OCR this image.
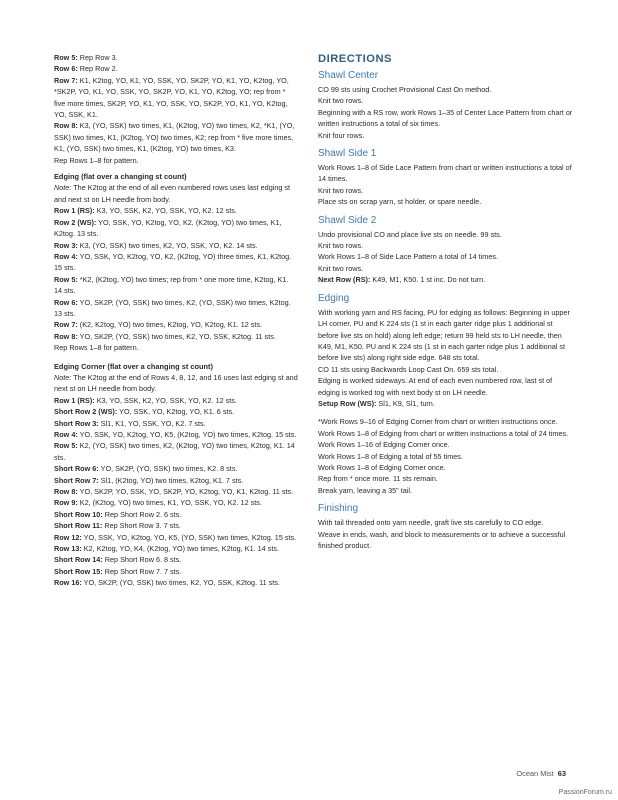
Row 5: Rep Row 3.

Row 6: Rep Row 2.

Row 7: K1, K2tog, YO, K1, YO, SSK, YO, SK2P, YO, K1, YO, K2tog, YO, *SK2P, YO, K1, YO, SSK, YO, SK2P, YO, K1, YO, K2tog, YO; rep from * five more times, SK2P, YO, K1, YO, SSK, YO, SK2P, YO, K1, YO, K2tog, YO, SSK, K1.

Row 8: K3, (YO, SSK) two times, K1, (K2tog, YO) two times, K2, *K1, (YO, SSK) two times, K1, (K2tog, YO) two times, K2; rep from * five more times, K1, (YO, SSK) two times, K1, (K2tog, YO) two times, K3.

Rep Rows 1–8 for pattern.

Edging (flat over a changing st count)

Note: The K2tog at the end of all even numbered rows uses last edging st and next st on LH needle from body.

Row 1 (RS): K3, YO, SSK, K2, YO, SSK, YO, K2. 12 sts.

Row 2 (WS): YO, SSK, YO, K2tog, YO, K2, (K2tog, YO) two times, K1, K2tog. 13 sts.

Row 3: K3, (YO, SSK) two times, K2, YO, SSK, YO, K2. 14 sts.

Row 4: YO, SSK, YO, K2tog, YO, K2, (K2tog, YO) three times, K1, K2tog. 15 sts.

Row 5: *K2, (K2tog, YO) two times; rep from * one more time, K2tog, K1. 14 sts.

Row 6: YO, SK2P, (YO, SSK) two times, K2, (YO, SSK) two times, K2tog. 13 sts.

Row 7: (K2, K2tog, YO) two times, K2tog, YO, K2tog, K1. 12 sts.

Row 8: YO, SK2P, (YO, SSK) two times, K2, YO, SSK, K2tog. 11 sts.

Rep Rows 1–8 for pattern.

Edging Corner (flat over a changing st count)

Note: The K2tog at the end of Rows 4, 8, 12, and 16 uses last edging st and next st on LH needle from body.

Row 1 (RS): K3, YO, SSK, K2, YO, SSK, YO, K2. 12 sts.

Short Row 2 (WS): YO, SSK, YO, K2tog, YO, K1. 6 sts.

Short Row 3: Sl1, K1, YO, SSK, YO, K2. 7 sts.

Row 4: YO, SSK, YO, K2tog, YO, K5, (K2tog, YO) two times, K2tog. 15 sts.

Row 5: K2, (YO, SSK) two times, K2, (K2tog, YO) two times, K2tog, K1. 14 sts.

Short Row 6: YO, SK2P, (YO, SSK) two times, K2. 8 sts.

Short Row 7: Sl1, (K2tog, YO) two times, K2tog, K1. 7 sts.

Row 8: YO, SK2P, YO, SSK, YO, SK2P, YO, K2tog, YO, K1, K2tog. 11 sts.

Row 9: K2, (K2tog, YO) two times, K1, YO, SSK, YO, K2. 12 sts.

Short Row 10: Rep Short Row 2. 6 sts.

Short Row 11: Rep Short Row 3. 7 sts.

Row 12: YO, SSK, YO, K2tog, YO, K5, (YO, SSK) two times, K2tog. 15 sts.

Row 13: K2, K2tog, YO, K4, (K2tog, YO) two times, K2tog, K1. 14 sts.

Short Row 14: Rep Short Row 6. 8 sts.

Short Row 15: Rep Short Row 7. 7 sts.

Row 16: YO, SK2P, (YO, SSK) two times, K2, YO, SSK, K2tog. 11 sts.

DIRECTIONS

Shawl Center

CO 99 sts using Crochet Provisional Cast On method.

Knit two rows.

Beginning with a RS row, work Rows 1–35 of Center Lace Pattern from chart or written instructions a total of six times.

Knit four rows.

Shawl Side 1

Work Rows 1–8 of Side Lace Pattern from chart or written instructions a total of 14 times.

Knit two rows.

Place sts on scrap yarn, st holder, or spare needle.

Shawl Side 2

Undo provisional CO and place live sts on needle. 99 sts.

Knit two rows.

Work Rows 1–8 of Side Lace Pattern a total of 14 times.

Knit two rows.

Next Row (RS): K49, M1, K50. 1 st inc. Do not turn.

Edging

With working yarn and RS facing, PU for edging as follows: Beginning in upper LH corner, PU and K 224 sts (1 st in each garter ridge plus 1 additional st before live sts on hold) along left edge; return 99 held sts to LH needle, then K49, M1, K50, PU and K 224 sts (1 st in each garter ridge plus 1 additional st before live sts) along right side edge. 648 sts total.

CO 11 sts using Backwards Loop Cast On. 659 sts total.

Edging is worked sideways. At end of each even numbered row, last st of edging is worked tog with next body st on LH needle.

Setup Row (WS): Sl1, K9, Sl1, turn.

*Work Rows 9–16 of Edging Corner from chart or written instructions once.

Work Rows 1–8 of Edging from chart or written instructions a total of 24 times.

Work Rows 1–16 of Edging Corner once.

Work Rows 1–8 of Edging a total of 55 times.

Work Rows 1–8 of Edging Corner once.

Rep from * once more. 11 sts remain.

Break yarn, leaving a 35" tail.

Finishing

With tail threaded onto yarn needle, graft live sts carefully to CO edge.

Weave in ends, wash, and block to measurements or to achieve a successful finished product.

Ocean Mist 63
PassionForum.ru
